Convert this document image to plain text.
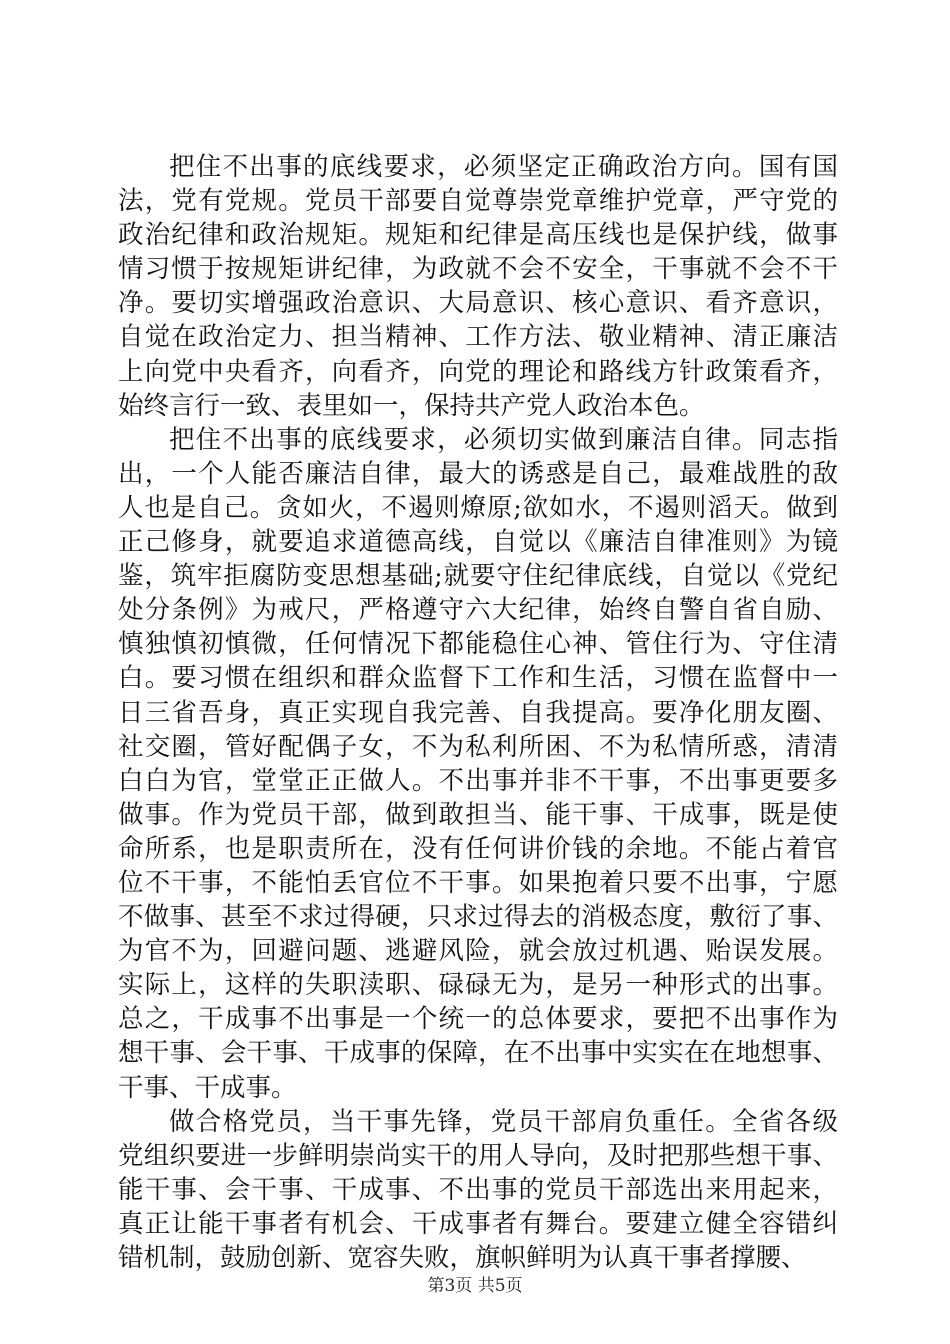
把住不出事的底线要求，必须坚定正确政治方向。国有国
法，党有党规。党员干部要自觉尊崇党章维护党章，严守党的
政治纪律和政治规矩。规矩和纪律是高压线也是保护线，做事
情习惯于按规矩讲纪律，为政就不会不安全，干事就不会不干
净。要切实增强政治意识、大局意识、核心意识、看齐意识，
自觉在政治定力、担当精神、工作方法、敬业精神、清正廉洁
上向党中央看齐，向看齐，向党的理论和路线方针政策看齐，
始终言行一致、表里如一，保持共产党人政治本色。
把住不出事的底线要求，必须切实做到廉洁自律。同志指
出，一个人能否廉洁自律，最大的诱惑是自己，最难战胜的敌
人也是自己。贪如火，不遏则燎原;欲如水，不遏则滔天。做到
正己修身，就要追求道德高线，自觉以《廉洁自律准则》为镜
鉴，筑牢拒腐防变思想基础;就要守住纪律底线，自觉以《党纪
处分条例》为戒尺，严格遵守六大纪律，始终自警自省自励、
慎独慎初慎微，任何情况下都能稳住心神、管住行为、守住清
白。要习惯在组织和群众监督下工作和生活，习惯在监督中一
日三省吾身，真正实现自我完善、自我提高。要净化朋友圈、
社交圈，管好配偶子女，不为私利所困、不为私情所惑，清清
白白为官，堂堂正正做人。不出事并非不干事，不出事更要多
做事。作为党员干部，做到敢担当、能干事、干成事，既是使
命所系，也是职责所在，没有任何讲价钱的余地。不能占着官
位不干事，不能怕丢官位不干事。如果抱着只要不出事，宁愿
不做事、甚至不求过得硬，只求过得去的消极态度，敷衍了事、
为官不为，回避问题、逃避风险，就会放过机遇、贻误发展。
实际上，这样的失职渎职、碌碌无为，是另一种形式的出事。
总之，干成事不出事是一个统一的总体要求，要把不出事作为
想干事、会干事、干成事的保障，在不出事中实实在在地想事、
干事、干成事。
做合格党员，当干事先锋，党员干部肩负重任。全省各级
党组织要进一步鲜明崇尚实干的用人导向，及时把那些想干事、
能干事、会干事、干成事、不出事的党员干部选出来用起来，
真正让能干事者有机会、干成事者有舞台。要建立健全容错纠
错机制，鼓励创新、宽容失败，旗帜鲜明为认真干事者撑腰、
第3页 共5页
